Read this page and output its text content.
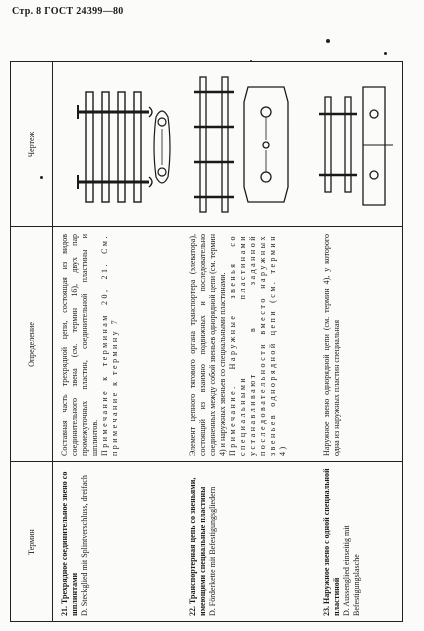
Стр. 8 ГОСТ 24399—80
Термин
Определение
Чертеж
21. Трехрядное соединительное звено со шплинтами
D. Steckglied mit Splintverschluss, dreifach
Составная часть трехрядной цепи, состоящая из видов соединительного звена (см. термин 16), двух пар промежуточных пластин, соединительной пластины и шплинтов.
Примечание к терминам 20, 21. См. примечание к термину 7
22. Транспортерная цепь со звеньями, имеющими специальные пластины
D. Förderkette mit Befestigungsgliedern
Элемент цепного тягового органа транспортера (элеватора), состоящий из взаимно подвижных и последовательно соединенных между собой звеньев однорядной цепи (см. термин 4) и наружных звеньев со специальными пластинами.
Примечание. Наружные звенья со специальными пластинами устанавливают в заданной последовательности вместо наружных звеньев однорядной цепи (см. термин 4)
23. Наружное звено с одной специальной пластиной
D. Aussenglied einseitig mit Befestigungslasche
Наружное звено однорядной цепи (см. термин 4), у которого одна из наружных пластин специальная
